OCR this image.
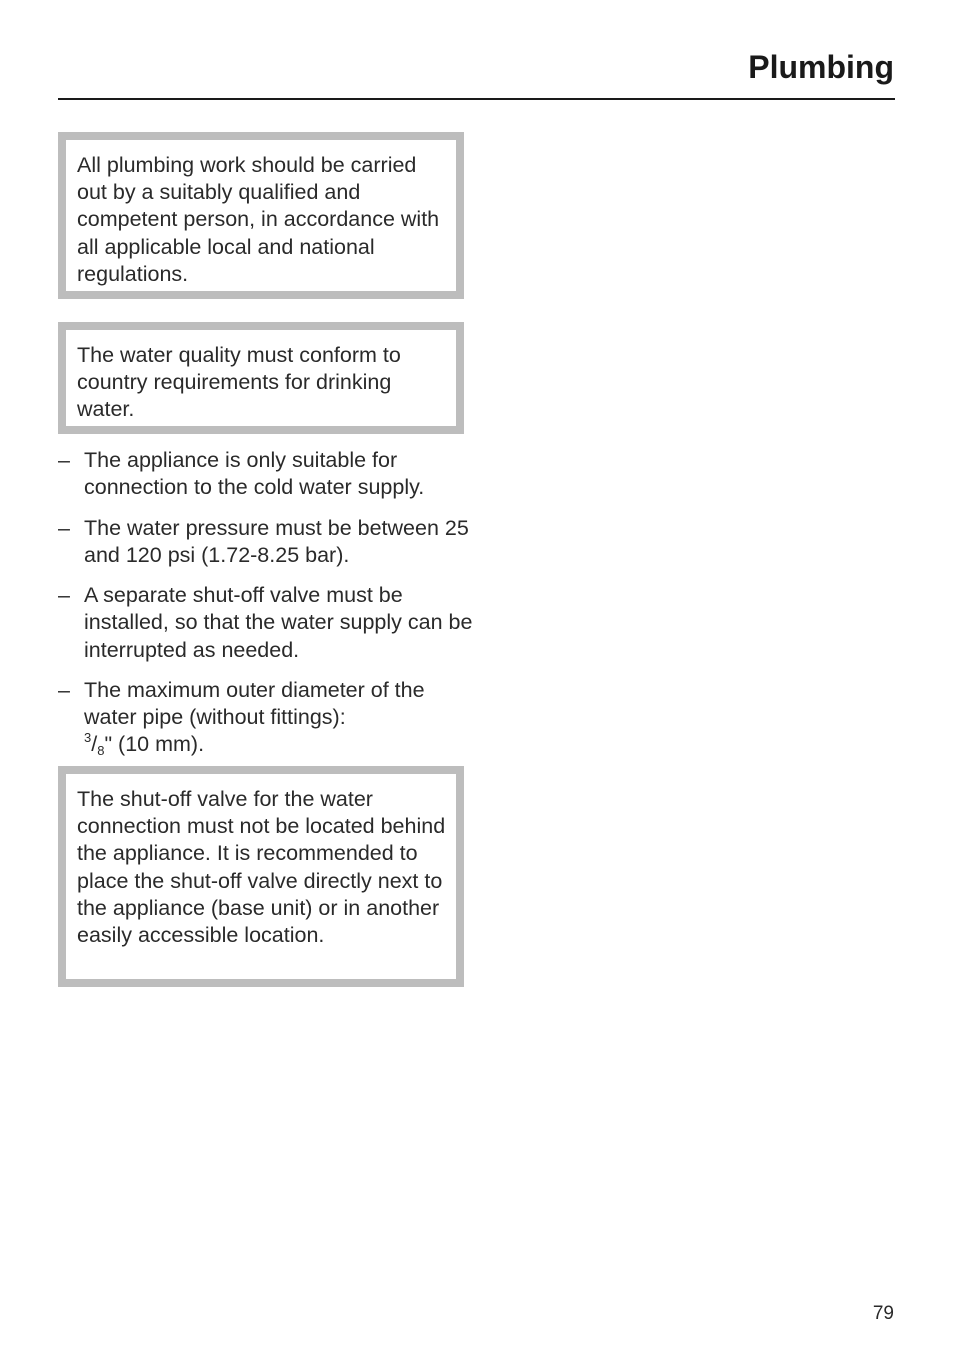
Plumbing
All plumbing work should be carried out by a suitably qualified and competent person, in accordance with all applicable local and national regulations.
The water quality must conform to country requirements for drinking water.
– The appliance is only suitable for connection to the cold water supply.
– The water pressure must be between 25 and 120 psi (1.72-8.25 bar).
– A separate shut-off valve must be installed, so that the water supply can be interrupted as needed.
– The maximum outer diameter of the water pipe (without fittings):
$^3$/8" (10 mm).
The shut-off valve for the water connection must not be located behind the appliance. It is recommended to place the shut-off valve directly next to the appliance (base unit) or in another easily accessible location.
79
